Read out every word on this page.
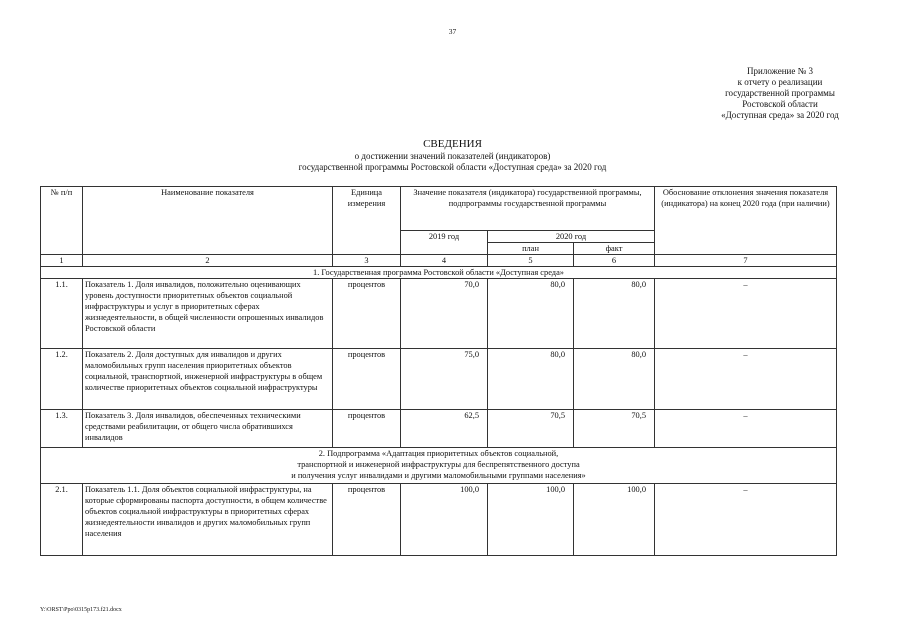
37
Приложение № 3
к отчету о реализации
государственной программы
Ростовской области
«Доступная среда» за 2020 год
СВЕДЕНИЯ
о достижении значений показателей (индикаторов)
государственной программы Ростовской области «Доступная среда» за 2020 год
№ п/п	Наименование показателя	Единица измерения	Значение показателя (индикатора) государственной программы, подпрограммы государственной программы			Обоснование отклонения значения показателя (индикатора) на конец 2020 года (при наличии)
			2019 год	2020 год		
				план	факт	
1	2	3	4	5	6	7
1. Государственная программа Ростовской области «Доступная среда»						
1.1.	Показатель 1. Доля инвалидов, положительно оценивающих уровень доступности приоритетных объектов социальной инфраструктуры и услуг в приоритетных сферах жизнедеятельности, в общей численности опрошенных инвалидов Ростовской области	процентов	70,0	80,0	80,0	–
1.2.	Показатель 2. Доля доступных для инвалидов и других маломобильных групп населения приоритетных объектов социальной, транспортной, инженерной инфраструктуры в общем количестве приоритетных объектов социальной инфраструктуры	процентов	75,0	80,0	80,0	–
1.3.	Показатель 3. Доля инвалидов, обеспеченных техническими средствами реабилитации, от общего числа обратившихся инвалидов	процентов	62,5	70,5	70,5	–

2. Подпрограмма «Адаптация приоритетных объектов социальной,
транспортной и инженерной инфраструктуры для беспрепятственного доступа
и получения услуг инвалидами и другими маломобильными группами населения»						

2.1.	Показатель 1.1. Доля объектов социальной инфраструктуры, на которые сформированы паспорта доступности, в общем количестве объектов социальной инфраструктуры в приоритетных сферах жизнедеятельности инвалидов и других маломобильных групп населения	процентов	100,0	100,0	100,0	–
Y:\ORST\Ppo\0315p173.f21.docx
